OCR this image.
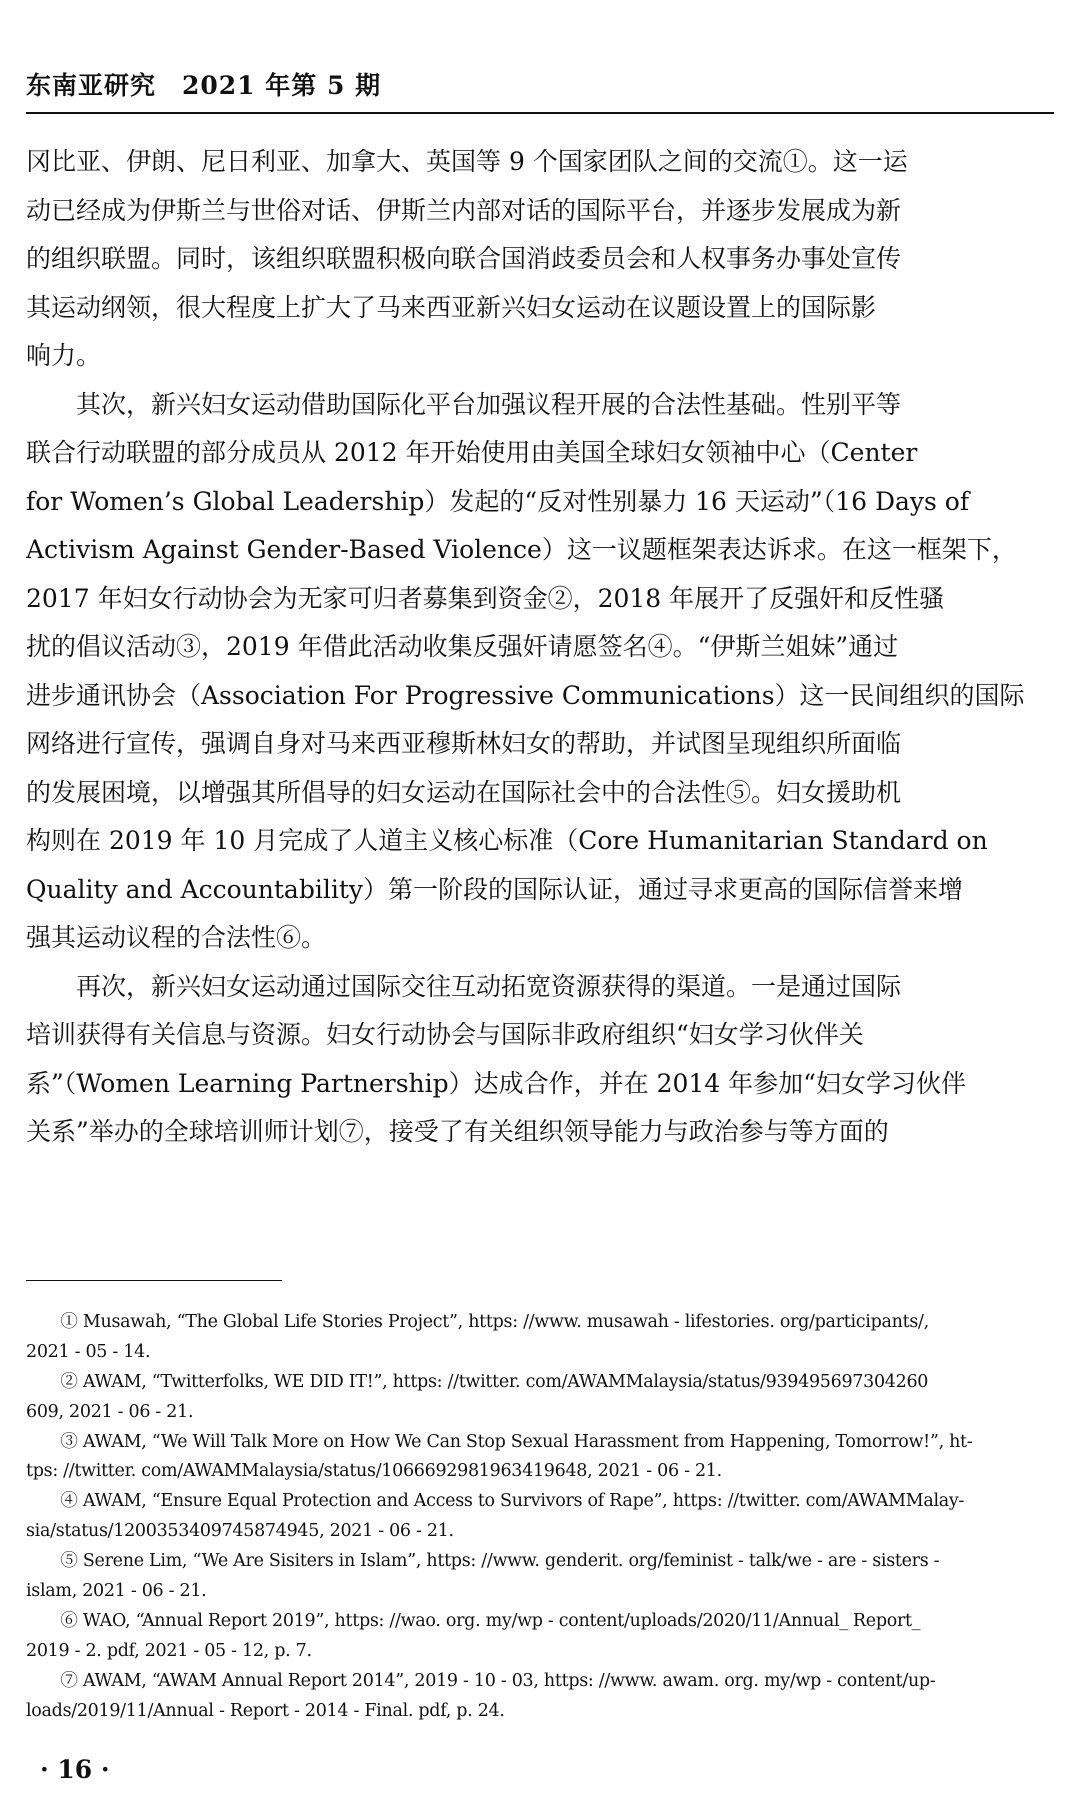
东南亚研究　2021 年第 5 期
冈比亚、伊朗、尼日利亚、加拿大、英国等 9 个国家团队之间的交流①。这一运
动已经成为伊斯兰与世俗对话、伊斯兰内部对话的国际平台，并逐步发展成为新
的组织联盟。同时，该组织联盟积极向联合国消歧委员会和人权事务办事处宣传
其运动纲领，很大程度上扩大了马来西亚新兴妇女运动在议题设置上的国际影
响力。
　　其次，新兴妇女运动借助国际化平台加强议程开展的合法性基础。性别平等
联合行动联盟的部分成员从 2012 年开始使用由美国全球妇女领袖中心（Center
for Women’s Global Leadership）发起的“反对性别暴力 16 天运动”（16 Days of
Activism Against Gender-Based Violence）这一议题框架表达诉求。在这一框架下，
2017 年妇女行动协会为无家可归者募集到资金②，2018 年展开了反强奸和反性骚
扰的倡议活动③，2019 年借此活动收集反强奸请愿签名④。“伊斯兰姐妹”通过
进步通讯协会（Association For Progressive Communications）这一民间组织的国际
网络进行宣传，强调自身对马来西亚穆斯林妇女的帮助，并试图呈现组织所面临
的发展困境，以增强其所倡导的妇女运动在国际社会中的合法性⑤。妇女援助机
构则在 2019 年 10 月完成了人道主义核心标准（Core Humanitarian Standard on
Quality and Accountability）第一阶段的国际认证，通过寻求更高的国际信誉来增
强其运动议程的合法性⑥。
　　再次，新兴妇女运动通过国际交往互动拓宽资源获得的渠道。一是通过国际
培训获得有关信息与资源。妇女行动协会与国际非政府组织“妇女学习伙伴关
系”（Women Learning Partnership）达成合作，并在 2014 年参加“妇女学习伙伴
关系”举办的全球培训师计划⑦，接受了有关组织领导能力与政治参与等方面的
　　① Musawah, “The Global Life Stories Project”, https: //www. musawah - lifestories. org/participants/,
2021 - 05 - 14.
　　② AWAM, “Twitterfolks, WE DID IT!”, https: //twitter. com/AWAMMalaysia/status/939495697304260
609, 2021 - 06 - 21.
　　③ AWAM, “We Will Talk More on How We Can Stop Sexual Harassment from Happening, Tomorrow!”, ht-
tps: //twitter. com/AWAMMalaysia/status/1066692981963419648, 2021 - 06 - 21.
　　④ AWAM, “Ensure Equal Protection and Access to Survivors of Rape”, https: //twitter. com/AWAMMalay-
sia/status/1200353409745874945, 2021 - 06 - 21.
　　⑤ Serene Lim, “We Are Sisiters in Islam”, https: //www. genderit. org/feminist - talk/we - are - sisters -
islam, 2021 - 06 - 21.
　　⑥ WAO, “Annual Report 2019”, https: //wao. org. my/wp - content/uploads/2020/11/Annual_ Report_
2019 - 2. pdf, 2021 - 05 - 12, p. 7.
　　⑦ AWAM, “AWAM Annual Report 2014”, 2019 - 10 - 03, https: //www. awam. org. my/wp - content/up-
loads/2019/11/Annual - Report - 2014 - Final. pdf, p. 24.
· 16 ·
